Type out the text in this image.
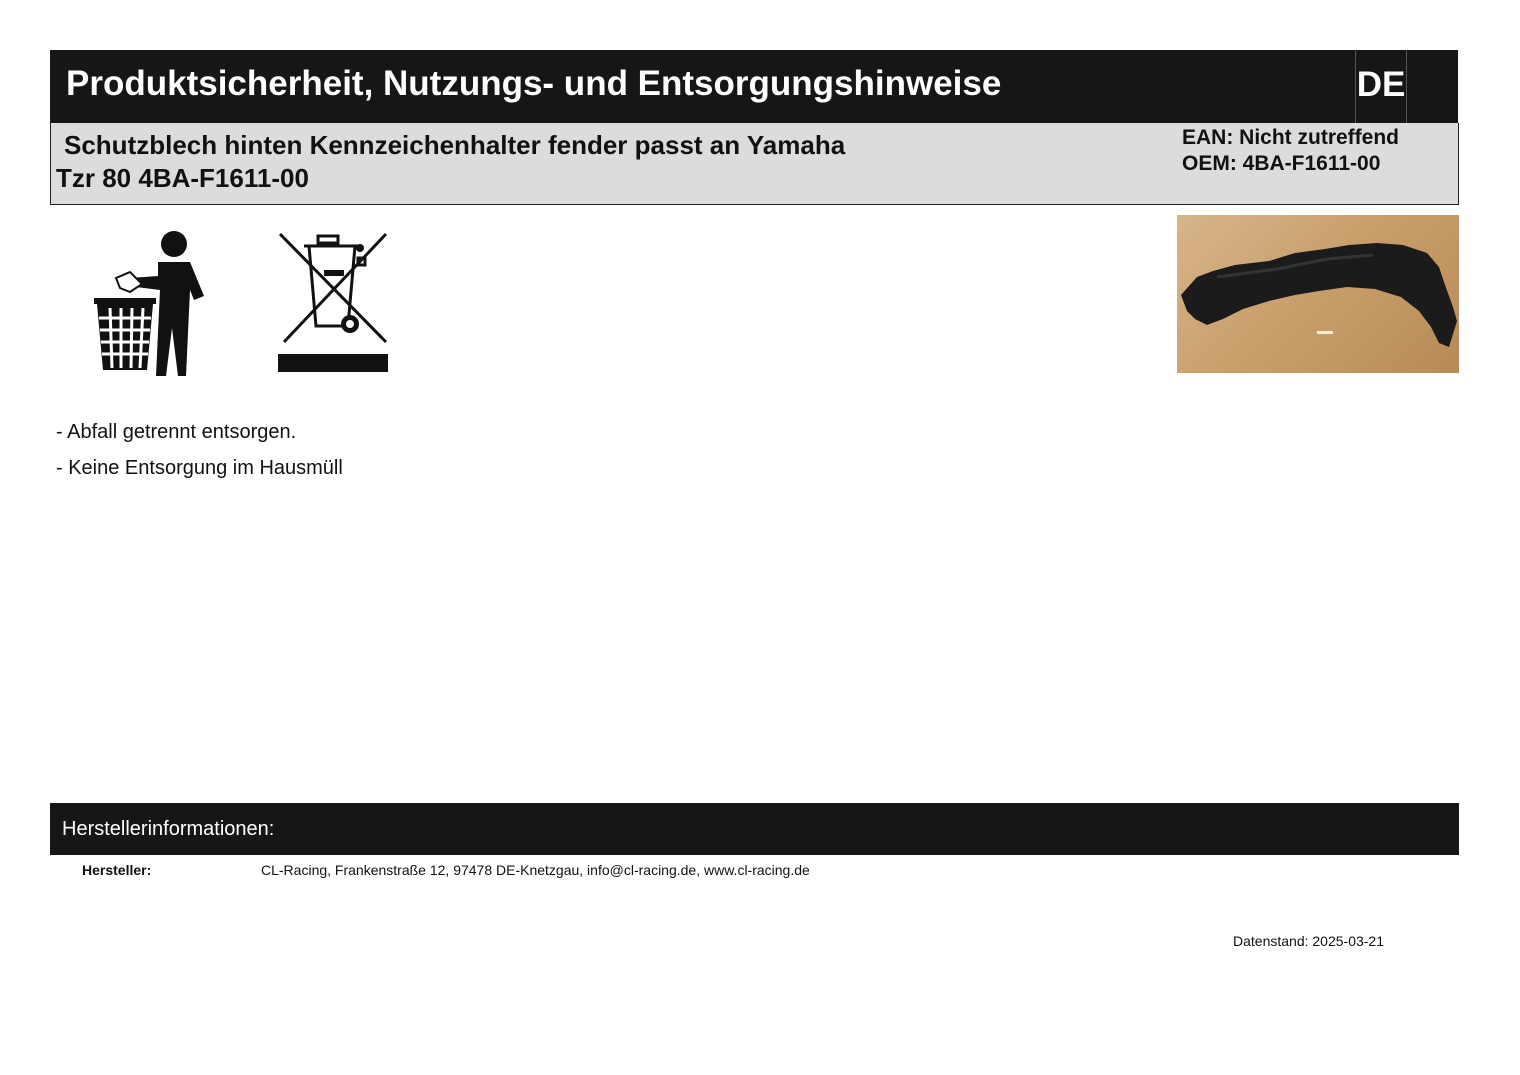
Produktsicherheit, Nutzungs- und Entsorgungshinweise	DE
Schutzblech hinten Kennzeichenhalter fender passt an Yamaha
Tzr 80 4BA-F1611-00
EAN: Nicht zutreffend
OEM: 4BA-F1611-00
- Abfall getrennt entsorgen.
- Keine Entsorgung im Hausmüll
Herstellerinformationen:
Hersteller:	CL-Racing, Frankenstraße 12, 97478 DE-Knetzgau, info@cl-racing.de, www.cl-racing.de
Datenstand: 2025-03-21
